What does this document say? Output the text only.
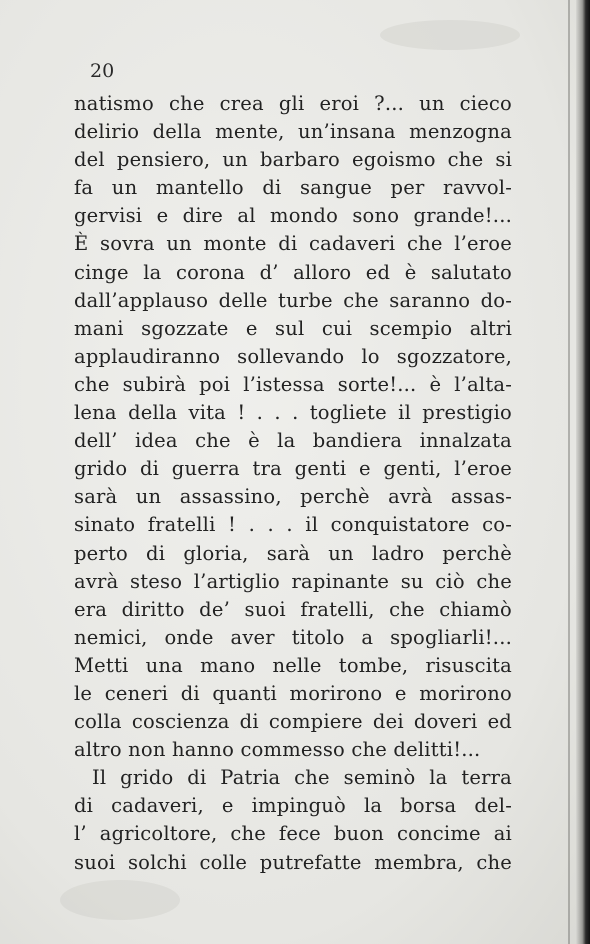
20
natismo che crea gli eroi ?... un cieco
delirio della mente, un’insana menzogna
del pensiero, un barbaro egoismo che si
fa un mantello di sangue per ravvol-
gervisi e dire al mondo sono grande!...
È sovra un monte di cadaveri che l’eroe
cinge la corona d’ alloro ed è salutato
dall’applauso delle turbe che saranno do-
mani sgozzate e sul cui scempio altri
applaudiranno sollevando lo sgozzatore,
che subirà poi l’istessa sorte!... è l’alta-
lena della vita ! . . . togliete il prestigio
dell’ idea che è la bandiera innalzata
grido di guerra tra genti e genti, l’eroe
sarà un assassino, perchè avrà assas-
sinato fratelli ! . . . il conquistatore co-
perto di gloria, sarà un ladro perchè
avrà steso l’artiglio rapinante su ciò che
era diritto de’ suoi fratelli, che chiamò
nemici, onde aver titolo a spogliarli!...
Metti una mano nelle tombe, risuscita
le ceneri di quanti morirono e morirono
colla coscienza di compiere dei doveri ed
altro non hanno commesso che delitti!...
Il grido di Patria che seminò la terra
di cadaveri, e impinguò la borsa del-
l’ agricoltore, che fece buon concime ai
suoi solchi colle putrefatte membra, che
